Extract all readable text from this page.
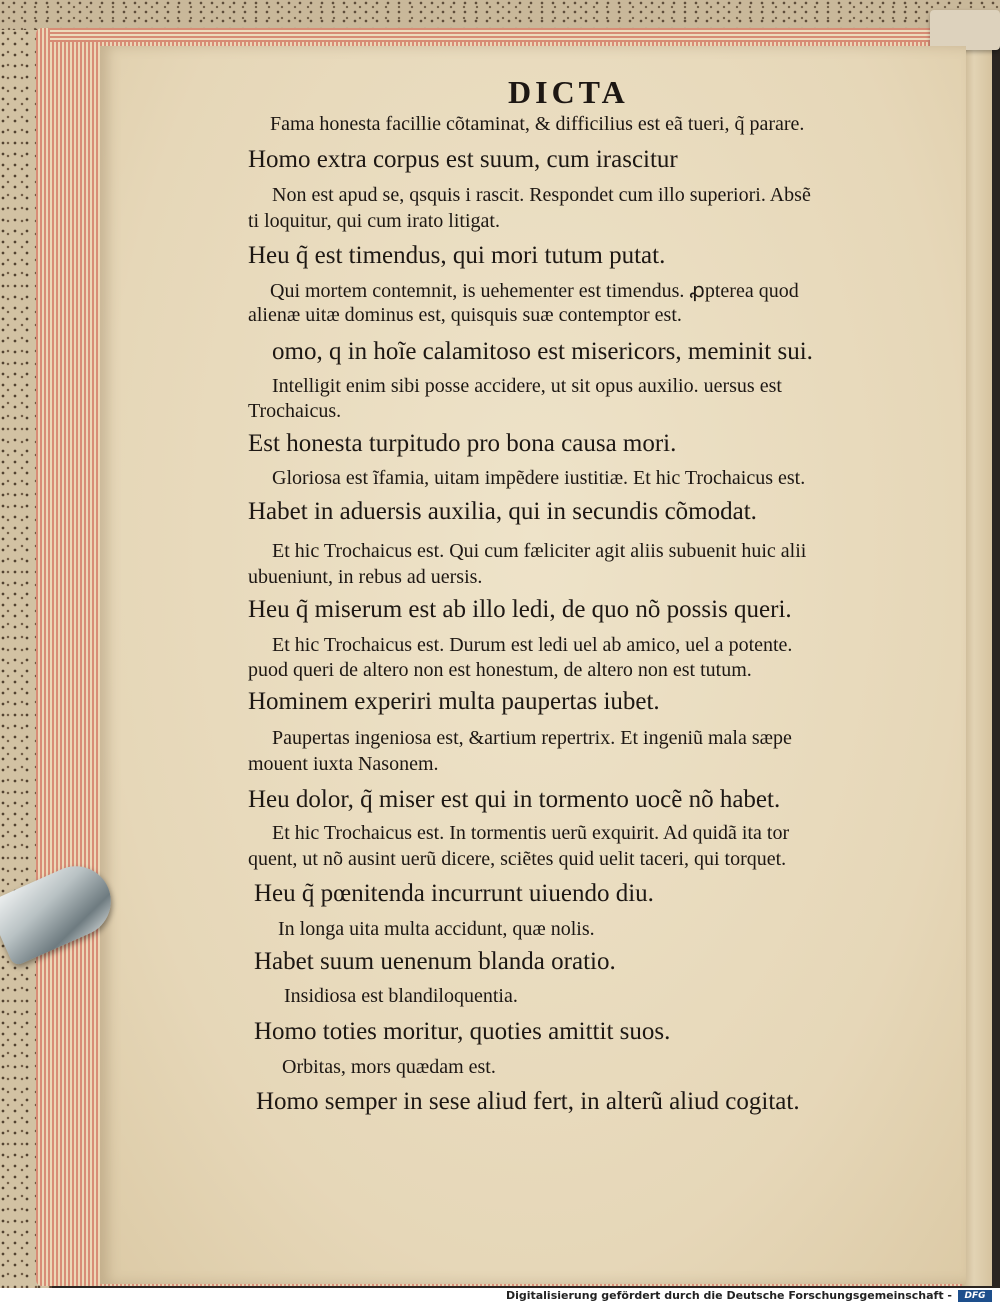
DICTA
Fama honesta facillie cõtaminat, & difficilius est eã tueri, q̃ parare.
Homo extra corpus est suum, cum irascitur
Non est apud se, qsquis i rascit. Respondet cum illo superiori. Absẽ
ti loquitur, qui cum irato litigat.
Heu q̃ est timendus, qui mori tutum putat.
Qui mortem contemnit, is uehementer est timendus. ꝓpterea quod
alienæ uitæ dominus est, quisquis suæ contemptor est.
omo, q in hoĩe calamitoso est misericors, meminit sui.
Intelligit enim sibi posse accidere, ut sit opus auxilio. uersus est
Trochaicus.
Est honesta turpitudo pro bona causa mori.
Gloriosa est ĩfamia, uitam impẽdere iustitiæ. Et hic Trochaicus est.
Habet in aduersis auxilia, qui in secundis cõmodat.
Et hic Trochaicus est. Qui cum fæliciter agit aliis subuenit huic alii
ubueniunt, in rebus ad uersis.
Heu q̃ miserum est ab illo ledi, de quo nõ possis queri.
Et hic Trochaicus est. Durum est ledi uel ab amico, uel a potente.
puod queri de altero non est honestum, de altero non est tutum.
Hominem experiri multa paupertas iubet.
Paupertas ingeniosa est, &artium repertrix. Et ingeniũ mala sæpe
mouent iuxta Nasonem.
Heu dolor, q̃ miser est qui in tormento uocẽ nõ habet.
Et hic Trochaicus est. In tormentis uerũ exquirit. Ad quidã ita tor
quent, ut nõ ausint uerũ dicere, sciẽtes quid uelit taceri, qui torquet.
Heu q̃ pœnitenda incurrunt uiuendo diu.
In longa uita multa accidunt, quæ nolis.
Habet suum uenenum blanda oratio.
Insidiosa est blandiloquentia.
Homo toties moritur, quoties amittit suos.
Orbitas, mors quædam est.
Homo semper in sese aliud fert, in alterũ aliud cogitat.
Digitalisierung gefördert durch die Deutsche Forschungsgemeinschaft -	DFG
